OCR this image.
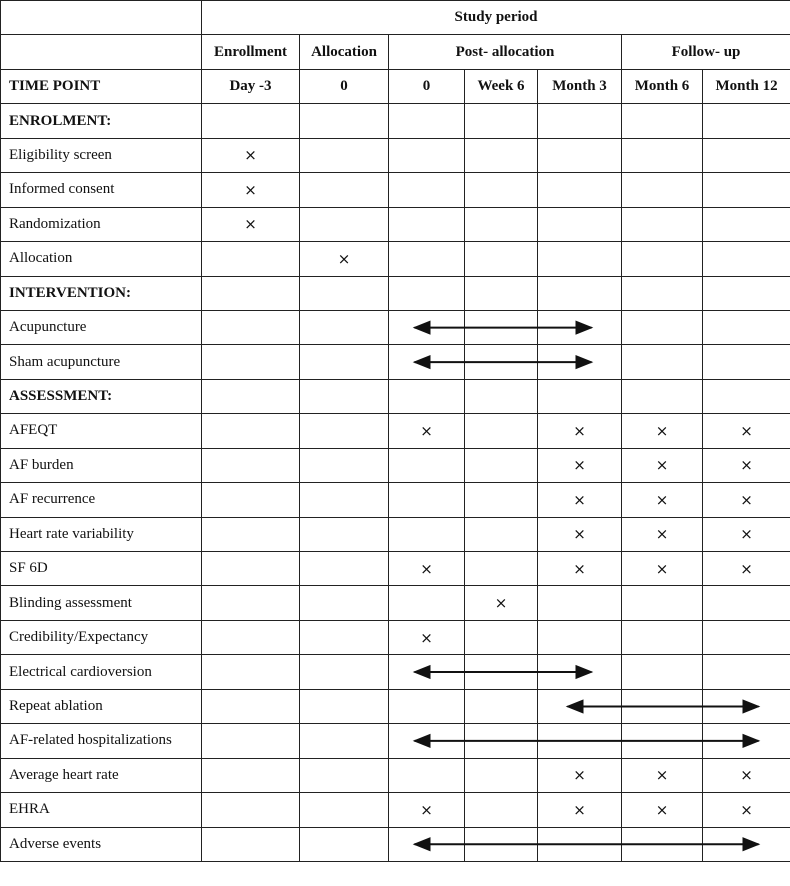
	Study period						
	Enrollment	Allocation	Post- allocation			Follow- up	
TIME POINT	Day -3	0	0	Week 6	Month 3	Month 6	Month 12
ENROLMENT:							
Eligibility screen	×						
Informed consent	×						
Randomization	×						
Allocation		×					
INTERVENTION:							
Acupuncture							
Sham acupuncture							
ASSESSMENT:							
AFEQT			×		×	×	×
AF burden					×	×	×
AF recurrence					×	×	×
Heart rate variability					×	×	×
SF 6D			×		×	×	×
Blinding assessment				×			
Credibility/Expectancy			×				
Electrical cardioversion							
Repeat ablation							
AF-related hospitalizations							
Average heart rate					×	×	×
EHRA			×		×	×	×
Adverse events							
